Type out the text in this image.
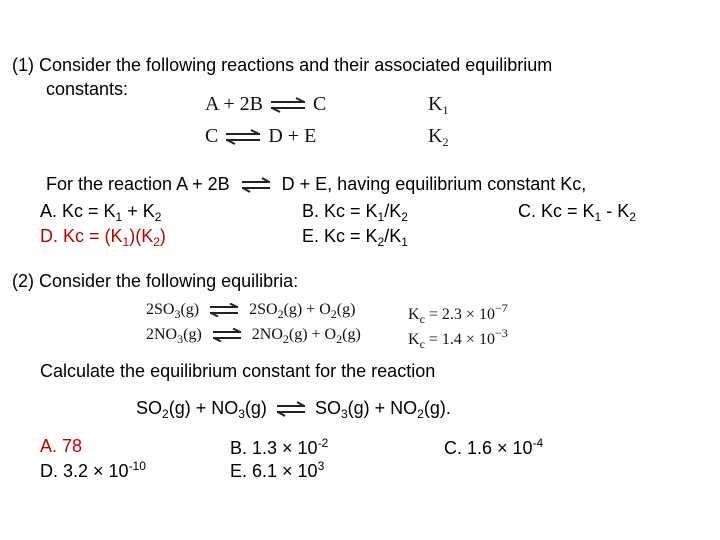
(1) Consider the following reactions and their associated equilibrium
constants:
A + 2B ⇌ C	$K_1$
C ⇌ D + E	$K_2$
For the reaction A + 2B ⇌ D + E, having equilibrium constant Kc,
A. $Kc = K_1 + K_2$	B. $Kc = K_1/K_2$	C. $Kc = K_1 - K_2$
D. $Kc = (K_1)(K_2)$	E. $Kc = K_2/K_1$
(2) Consider the following equilibria:
$2SO_3(g)$ ⇌ $2SO_2(g) + O_2(g)$	$K_c = 2.3 \times 10^{-7}$
$2NO_3(g)$ ⇌ $2NO_2(g) + O_2(g)$	$K_c = 1.4 \times 10^{-3}$
Calculate the equilibrium constant for the reaction
$SO_2(g) + NO_3(g)$ ⇌ $SO_3(g) + NO_2(g)$.
A. 78	B. $1.3 \times 10^{-2}$	C. $1.6 \times 10^{-4}$
D. $3.2 \times 10^{-10}$	E. $6.1 \times 10^3$
